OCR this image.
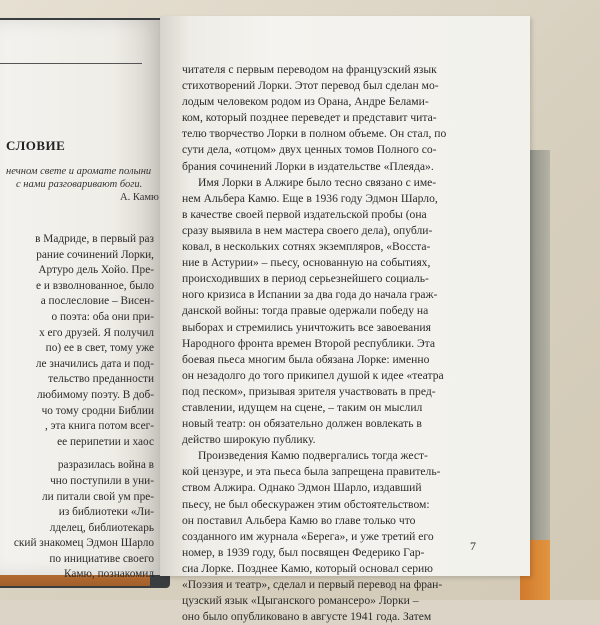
СЛОВИЕ
нечном свете и аромате полыни
с нами разговаривают боги.
А. Камю
в Мадриде, в первый раз
рание сочинений Лорки,
Артуро дель Хойо. Пре-
е и взволнованное, было
а послесловие – Висен-
о поэта: оба они при-
х его друзей. Я получил
по) ее в свет, тому уже
ле значились дата и под-
тельство преданности
любимому поэту. В доб-
чо тому сродни Библии
, эта книга потом всег-
ее перипетии и хаос
разразилась война в
чно поступили в уни-
ли питали свой ум пре-
из библиотеки «Ли-
лделец, библиотекарь
ский знакомец Эдмон Шарло
по инициативе своего
Камю, познакомил
читателя с первым переводом на французский язык
стихотворений Лорки. Этот перевод был сделан мо-
лодым человеком родом из Орана, Андре Белами-
ком, который позднее переведет и представит чита-
телю творчество Лорки в полном объеме. Он стал, по
сути дела, «отцом» двух ценных томов Полного со-
брания сочинений Лорки в издательстве «Плеяда».
Имя Лорки в Алжире было тесно связано с име-
нем Альбера Камю. Еще в 1936 году Эдмон Шарло,
в качестве своей первой издательской пробы (она
сразу выявила в нем мастера своего дела), опубли-
ковал, в нескольких сотнях экземпляров, «Восста-
ние в Астурии» – пьесу, основанную на событиях,
происходивших в период серьезнейшего социаль-
ного кризиса в Испании за два года до начала граж-
данской войны: тогда правые одержали победу на
выборах и стремились уничтожить все завоевания
Народного фронта времен Второй республики. Эта
боевая пьеса многим была обязана Лорке: именно
он незадолго до того прикипел душой к идее «театра
под песком», призывая зрителя участвовать в пред-
ставлении, идущем на сцене, – таким он мыслил
новый театр: он обязательно должен вовлекать в
действо широкую публику.
Произведения Камю подвергались тогда жест-
кой цензуре, и эта пьеса была запрещена правитель-
ством Алжира. Однако Эдмон Шарло, издавший
пьесу, не был обескуражен этим обстоятельством:
он поставил Альбера Камю во главе только что
созданного им журнала «Берега», и уже третий его
номер, в 1939 году, был посвящен Федерико Гар-
сиа Лорке. Позднее Камю, который основал серию
«Поэзия и театр», сделал и первый перевод на фран-
цузский язык «Цыганского романсеро» Лорки –
оно было опубликовано в августе 1941 года. Затем
7
